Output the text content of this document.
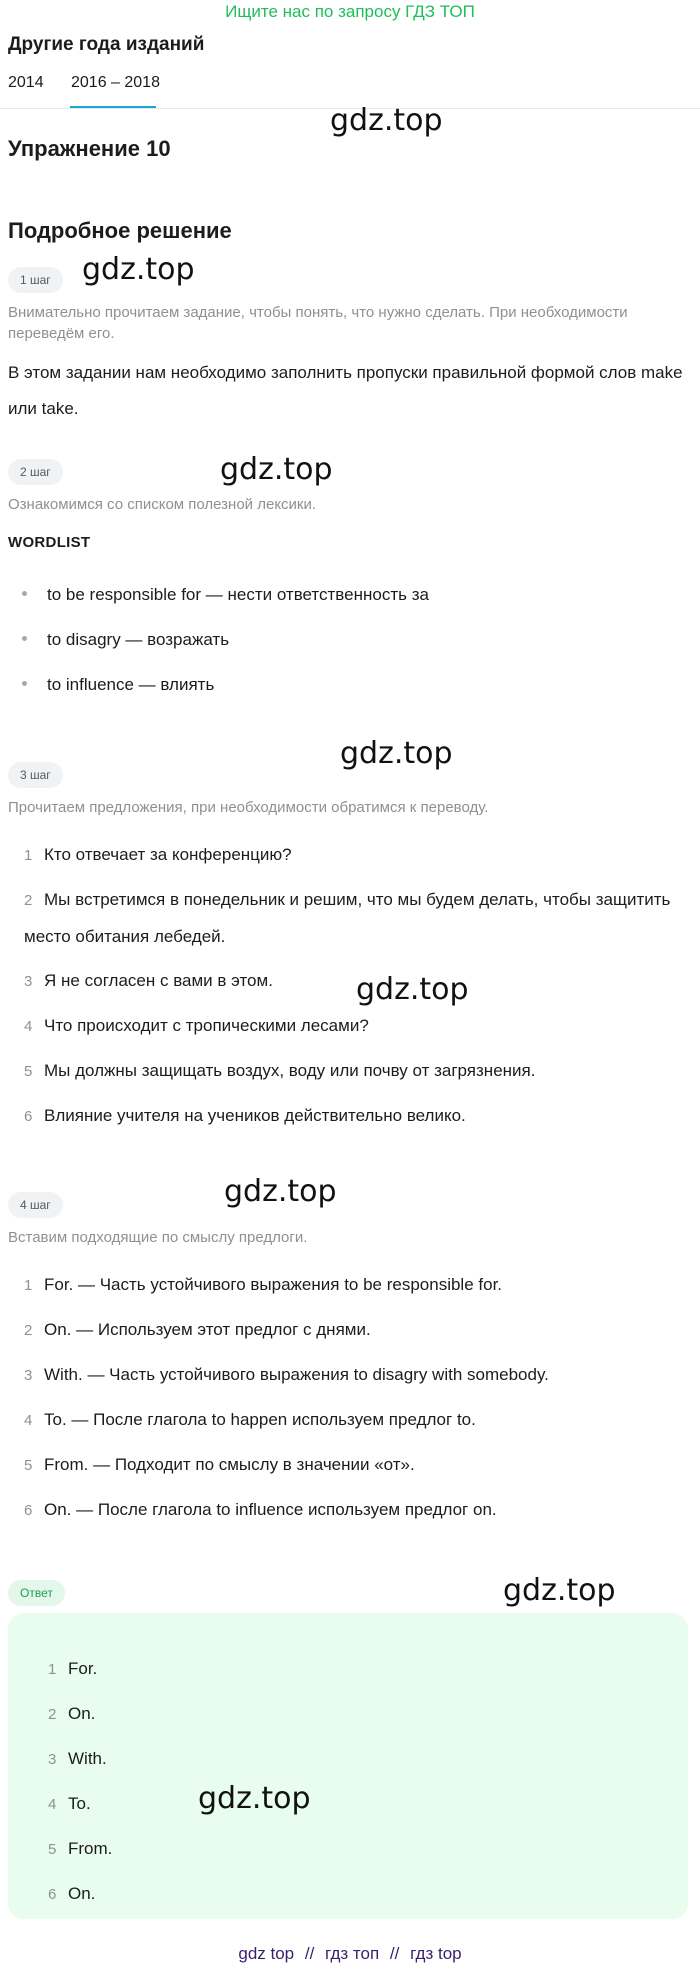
Ищите нас по запросу ГДЗ ТОП
Другие года изданий
2014 2016 – 2018
Упражнение 10
gdz.top
Подробное решение
1 шаг	gdz.top
Внимательно прочитаем задание, чтобы понять, что нужно сделать. При необходимости переведём его.
В этом задании нам необходимо заполнить пропуски правильной формой слов make или take.
2 шаг	gdz.top
Ознакомимся со списком полезной лексики.
WORDLIST
to be responsible for — нести ответственность за
to disagry — возражать
to influence — влиять
3 шаг
gdz.top
Прочитаем предложения, при необходимости обратимся к переводу.
1 Кто отвечает за конференцию?
2 Мы встретимся в понедельник и решим, что мы будем делать, чтобы защитить место обитания лебедей.
3 Я не согласен с вами в этом.	gdz.top
4 Что происходит с тропическими лесами?
5 Мы должны защищать воздух, воду или почву от загрязнения.
6 Влияние учителя на учеников действительно велико.
4 шаг	gdz.top
Вставим подходящие по смыслу предлоги.
1 For. — Часть устойчивого выражения to be responsible for.
2 On. — Используем этот предлог с днями.
3 With. — Часть устойчивого выражения to disagry with somebody.
4 To. — После глагола to happen используем предлог to.
5 From. — Подходит по смыслу в значении «от».
6 On. — После глагола to influence используем предлог on.
Ответ	gdz.top
1 For.
2 On.
3 With.
4 To.	gdz.top
5 From.
6 On.
gdz top // гдз топ // гдз top
